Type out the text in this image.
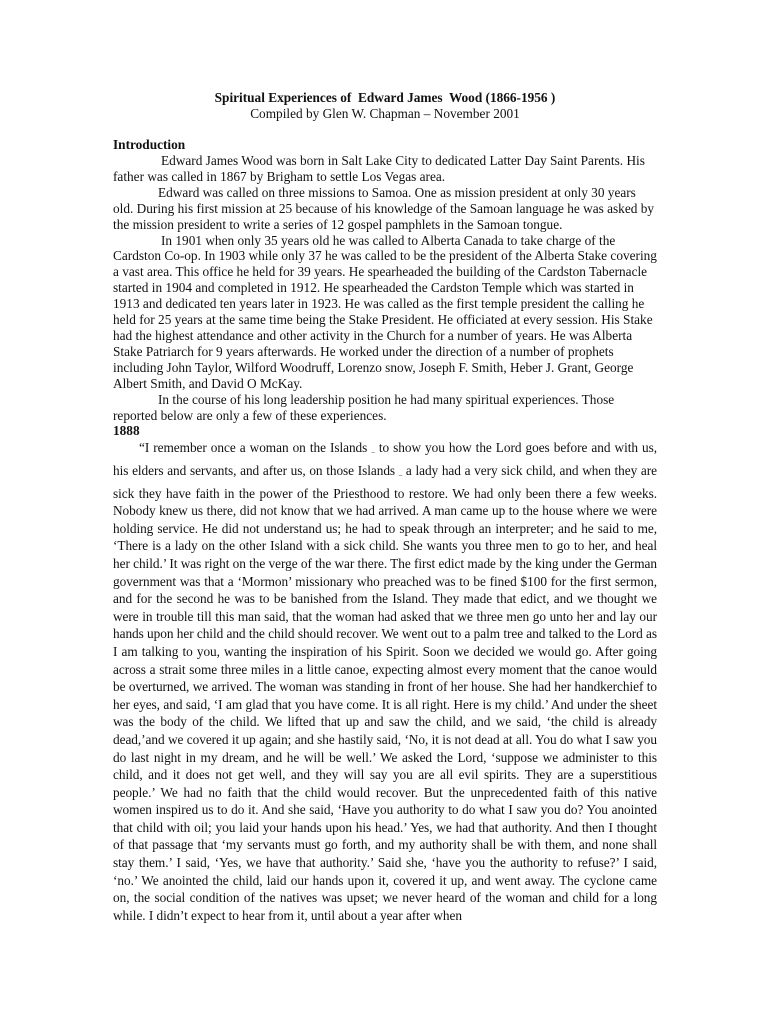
Spiritual Experiences of  Edward James  Wood (1866-1956 )

Compiled by Glen W. Chapman – November 2001

Introduction

Edward James Wood was born in Salt Lake City to dedicated Latter Day Saint Parents. His father was called in 1867 by Brigham to settle Los Vegas area.

Edward was called on three missions to Samoa. One as mission president at only 30 years old. During his first mission at 25 because of his knowledge of the Samoan language he was asked by the mission president to write a series of 12 gospel pamphlets in the Samoan tongue.

In 1901 when only 35 years old he was called to Alberta Canada to take charge of the Cardston Co-op. In 1903 while only 37 he was called to be the president of the Alberta Stake covering a vast area. This office he held for 39 years. He spearheaded the building of the Cardston Tabernacle started in 1904 and completed in 1912. He spearheaded the Cardston Temple which was started in 1913 and dedicated ten years later in 1923. He was called as the first temple president the calling he held for 25 years at the same time being the Stake President. He officiated at every session. His Stake had the highest attendance and other activity in the Church for a number of years. He was Alberta Stake Patriarch for 9 years afterwards. He worked under the direction of a number of prophets including John Taylor, Wilford Woodruff, Lorenzo snow, Joseph F. Smith, Heber J. Grant, George Albert Smith, and David O McKay.

In the course of his long leadership position he had many spiritual experiences. Those reported below are only a few of these experiences.

1888

“I remember once a woman on the Islands – to show you how the Lord goes before and with us, his elders and servants, and after us, on those Islands – a lady had a very sick child, and when they are sick they have faith in the power of the Priesthood to restore. We had only been there a few weeks. Nobody knew us there, did not know that we had arrived. A man came up to the house where we were holding service. He did not understand us; he had to speak through an interpreter; and he said to me, ‘There is a lady on the other Island with a sick child. She wants you three men to go to her, and heal her child.’ It was right on the verge of the war there. The first edict made by the king under the German government was that a ‘Mormon’ missionary who preached was to be fined $100 for the first sermon, and for the second he was to be banished from the Island. They made that edict, and we thought we were in trouble till this man said, that the woman had asked that we three men go unto her and lay our hands upon her child and the child should recover. We went out to a palm tree and talked to the Lord as I am talking to you, wanting the inspiration of his Spirit. Soon we decided we would go. After going across a strait some three miles in a little canoe, expecting almost every moment that the canoe would be overturned, we arrived. The woman was standing in front of her house. She had her handkerchief to her eyes, and said, ‘I am glad that you have come. It is all right. Here is my child.’ And under the sheet was the body of the child. We lifted that up and saw the child, and we said, ‘the child is already dead,’and we covered it up again; and she hastily said, ‘No, it is not dead at all. You do what I saw you do last night in my dream, and he will be well.’ We asked the Lord, ‘suppose we administer to this child, and it does not get well, and they will say you are all evil spirits. They are a superstitious people.’ We had no faith that the child would recover. But the unprecedented faith of this native women inspired us to do it. And she said, ‘Have you authority to do what I saw you do? You anointed that child with oil; you laid your hands upon his head.’ Yes, we had that authority. And then I thought of that passage that ‘my servants must go forth, and my authority shall be with them, and none shall stay them.’ I said, ‘Yes, we have that authority.’ Said she, ‘have you the authority to refuse?’ I said, ‘no.’ We anointed the child, laid our hands upon it, covered it up, and went away. The cyclone came on, the social condition of the natives was upset; we never heard of the woman and child for a long while. I didn’t expect to hear from it, until about a year after when
